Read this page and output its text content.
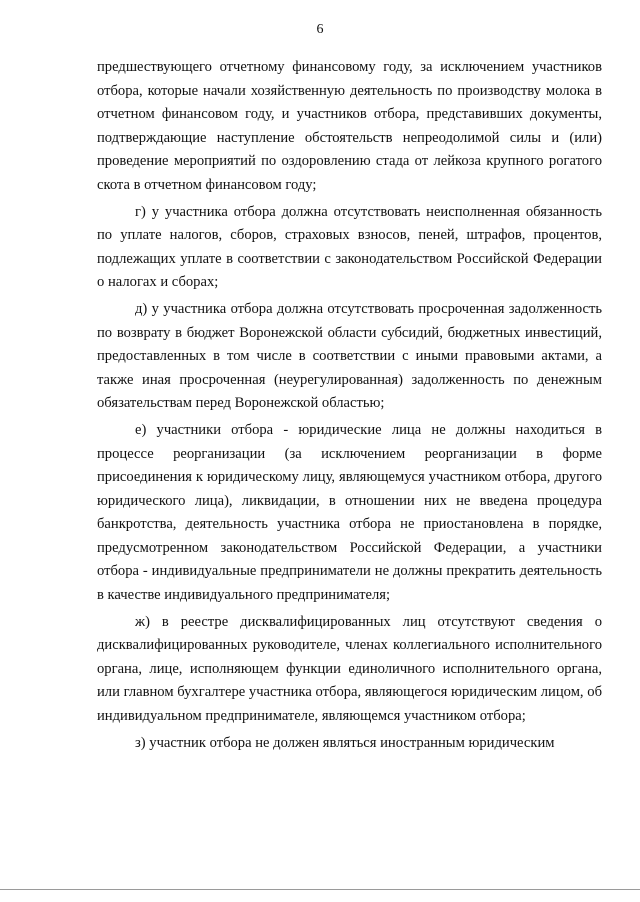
6

предшествующего отчетному финансовому году, за исключением участников отбора, которые начали хозяйственную деятельность по производству молока в отчетном финансовом году, и участников отбора, представивших документы, подтверждающие наступление обстоятельств непреодолимой силы и (или) проведение мероприятий по оздоровлению стада от лейкоза крупного рогатого скота в отчетном финансовом году;

г) у участника отбора должна отсутствовать неисполненная обязанность по уплате налогов, сборов, страховых взносов, пеней, штрафов, процентов, подлежащих уплате в соответствии с законодательством Российской Федерации о налогах и сборах;

д) у участника отбора должна отсутствовать просроченная задолженность по возврату в бюджет Воронежской области субсидий, бюджетных инвестиций, предоставленных в том числе в соответствии с иными правовыми актами, а также иная просроченная (неурегулированная) задолженность по денежным обязательствам перед Воронежской областью;

е) участники отбора - юридические лица не должны находиться в процессе реорганизации (за исключением реорганизации в форме присоединения к юридическому лицу, являющемуся участником отбора, другого юридического лица), ликвидации, в отношении них не введена процедура банкротства, деятельность участника отбора не приостановлена в порядке, предусмотренном законодательством Российской Федерации, а участники отбора - индивидуальные предприниматели не должны прекратить деятельность в качестве индивидуального предпринимателя;

ж) в реестре дисквалифицированных лиц отсутствуют сведения о дисквалифицированных руководителе, членах коллегиального исполнительного органа, лице, исполняющем функции единоличного исполнительного органа, или главном бухгалтере участника отбора, являющегося юридическим лицом, об индивидуальном предпринимателе, являющемся участником отбора;

з) участник отбора не должен являться иностранным юридическим
